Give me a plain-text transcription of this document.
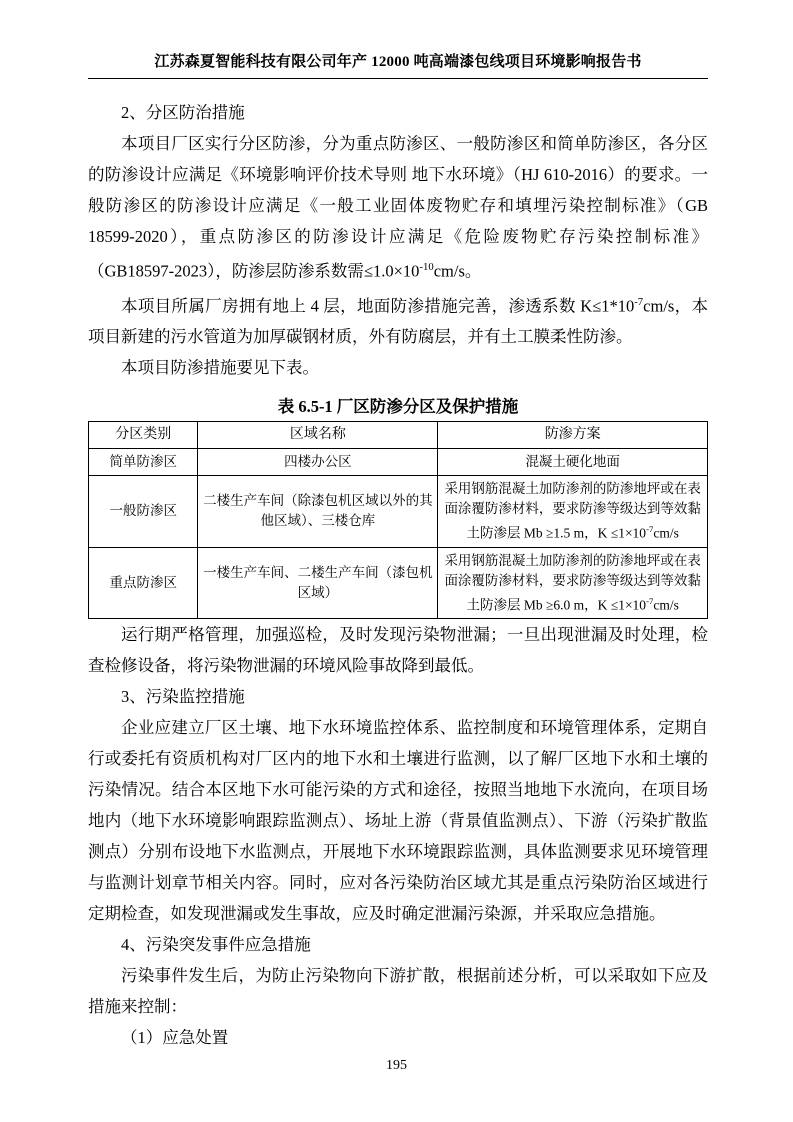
江苏森夏智能科技有限公司年产 12000 吨高端漆包线项目环境影响报告书

2、分区防治措施

本项目厂区实行分区防渗，分为重点防渗区、一般防渗区和简单防渗区，各分区的防渗设计应满足《环境影响评价技术导则 地下水环境》（HJ 610-2016）的要求。一般防渗区的防渗设计应满足《一般工业固体废物贮存和填埋污染控制标准》（GB 18599-2020），重点防渗区的防渗设计应满足《危险废物贮存污染控制标准》（GB18597-2023），防渗层防渗系数需$\le 1.0\times 10^{-10}cm/s$。

本项目所属厂房拥有地上 4 层，地面防渗措施完善，渗透系数 $K\le 1*10^{-7}cm/s$，本项目新建的污水管道为加厚碳钢材质，外有防腐层，并有土工膜柔性防渗。

本项目防渗措施要见下表。

表 6.5-1 厂区防渗分区及保护措施
分区类别	区域名称	防渗方案
简单防渗区	四楼办公区	混凝土硬化地面
一般防渗区	二楼生产车间（除漆包机区域以外的其他区域）、三楼仓库	采用钢筋混凝土加防渗剂的防渗地坪或在表面涂覆防渗材料，要求防渗等级达到等效黏土防渗层 Mb ≥1.5 m，$K \le 1\times 10^{-7}cm/s$
重点防渗区	一楼生产车间、二楼生产车间（漆包机区域）	采用钢筋混凝土加防渗剂的防渗地坪或在表面涂覆防渗材料，要求防渗等级达到等效黏土防渗层 Mb ≥6.0 m，$K \le 1\times 10^{-7}cm/s$

运行期严格管理，加强巡检，及时发现污染物泄漏；一旦出现泄漏及时处理，检查检修设备，将污染物泄漏的环境风险事故降到最低。

3、污染监控措施

企业应建立厂区土壤、地下水环境监控体系、监控制度和环境管理体系，定期自行或委托有资质机构对厂区内的地下水和土壤进行监测，以了解厂区地下水和土壤的污染情况。结合本区地下水可能污染的方式和途径，按照当地地下水流向，在项目场地内（地下水环境影响跟踪监测点）、场址上游（背景值监测点）、下游（污染扩散监测点）分别布设地下水监测点，开展地下水环境跟踪监测，具体监测要求见环境管理与监测计划章节相关内容。同时，应对各污染防治区域尤其是重点污染防治区域进行定期检查，如发现泄漏或发生事故，应及时确定泄漏污染源，并采取应急措施。

4、污染突发事件应急措施

污染事件发生后，为防止污染物向下游扩散，根据前述分析，可以采取如下应及措施来控制：

（1）应急处置

195
